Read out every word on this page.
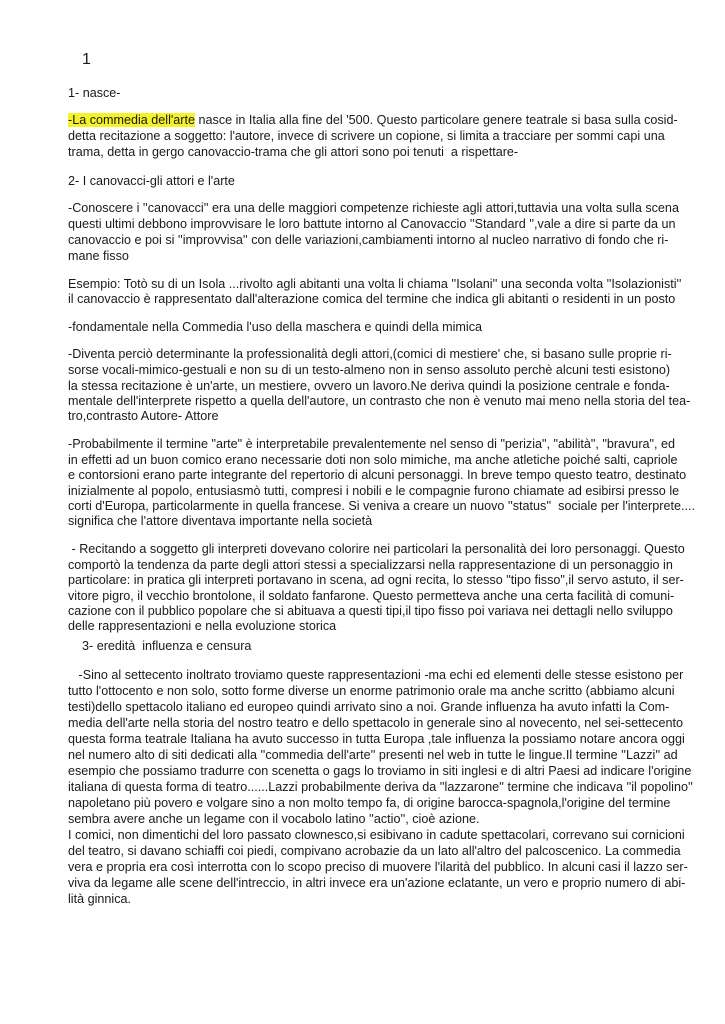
1
1- nasce-
-La commedia dell'arte nasce in Italia alla fine del '500. Questo particolare genere teatrale si basa sulla cosid-
detta recitazione a soggetto: l'autore, invece di scrivere un copione, si limita a tracciare per sommi capi una
trama, detta in gergo canovaccio-trama che gli attori sono poi tenuti  a rispettare-
2- I canovacci-gli attori e l'arte
-Conoscere i ''canovacci'' era una delle maggiori competenze richieste agli attori,tuttavia una volta sulla scena
questi ultimi debbono improvvisare le loro battute intorno al Canovaccio ''Standard '',vale a dire si parte da un
canovaccio e poi si ''improvvisa'' con delle variazioni,cambiamenti intorno al nucleo narrativo di fondo che ri-
mane fisso
Esempio: Totò su di un Isola ...rivolto agli abitanti una volta li chiama ''Isolani'' una seconda volta ''Isolazionisti''
il canovaccio è rappresentato dall'alterazione comica del termine che indica gli abitanti o residenti in un posto
-fondamentale nella Commedia l'uso della maschera e quindi della mimica
-Diventa perciò determinante la professionalità degli attori,(comici di mestiere' che, si basano sulle proprie ri-
sorse vocali-mimico-gestuali e non su di un testo-almeno non in senso assoluto perchè alcuni testi esistono)
la stessa recitazione è un'arte, un mestiere, ovvero un lavoro.Ne deriva quindi la posizione centrale e fonda-
mentale dell'interprete rispetto a quella dell'autore, un contrasto che non è venuto mai meno nella storia del tea-
tro,contrasto Autore- Attore
-Probabilmente il termine "arte" è interpretabile prevalentemente nel senso di "perizia", "abilità", "bravura", ed
in effetti ad un buon comico erano necessarie doti non solo mimiche, ma anche atletiche poiché salti, capriole
e contorsioni erano parte integrante del repertorio di alcuni personaggi. In breve tempo questo teatro, destinato
inizialmente al popolo, entusiasmò tutti, compresi i nobili e le compagnie furono chiamate ad esibirsi presso le
corti d'Europa, particolarmente in quella francese. Si veniva a creare un nuovo ''status''  sociale per l'interprete....
significa che l'attore diventava importante nella società
- Recitando a soggetto gli interpreti dovevano colorire nei particolari la personalità dei loro personaggi. Questo
comportò la tendenza da parte degli attori stessi a specializzarsi nella rappresentazione di un personaggio in
particolare: in pratica gli interpreti portavano in scena, ad ogni recita, lo stesso "tipo fisso",il servo astuto, il ser-
vitore pigro, il vecchio brontolone, il soldato fanfarone. Questo permetteva anche una certa facilità di comuni-
cazione con il pubblico popolare che si abituava a questi tipi,il tipo fisso poi variava nei dettagli nello sviluppo
delle rappresentazioni e nella evoluzione storica
3- eredità  influenza e censura
-Sino al settecento inoltrato troviamo queste rappresentazioni -ma echi ed elementi delle stesse esistono per
tutto l'ottocento e non solo, sotto forme diverse un enorme patrimonio orale ma anche scritto (abbiamo alcuni
testi)dello spettacolo italiano ed europeo quindi arrivato sino a noi. Grande influenza ha avuto infatti la Com-
media dell'arte nella storia del nostro teatro e dello spettacolo in generale sino al novecento, nel sei-settecento
questa forma teatrale Italiana ha avuto successo in tutta Europa ,tale influenza la possiamo notare ancora oggi
nel numero alto di siti dedicati alla ''commedia dell'arte'' presenti nel web in tutte le lingue.Il termine ''Lazzi'' ad
esempio che possiamo tradurre con scenetta o gags lo troviamo in siti inglesi e di altri Paesi ad indicare l'origine
italiana di questa forma di teatro......Lazzi probabilmente deriva da ''lazzarone'' termine che indicava ''il popolino''
napoletano più povero e volgare sino a non molto tempo fa, di origine barocca-spagnola,l'origine del termine
sembra avere anche un legame con il vocabolo latino ''actio'', cioè azione.
I comici, non dimentichi del loro passato clownesco,si esibivano in cadute spettacolari, correvano sui cornicioni
del teatro, si davano schiaffi coi piedi, compivano acrobazie da un lato all'altro del palcoscenico. La commedia
vera e propria era così interrotta con lo scopo preciso di muovere l'ilarità del pubblico. In alcuni casi il lazzo ser-
viva da legame alle scene dell'intreccio, in altri invece era un'azione eclatante, un vero e proprio numero di abi-
lità ginnica.
